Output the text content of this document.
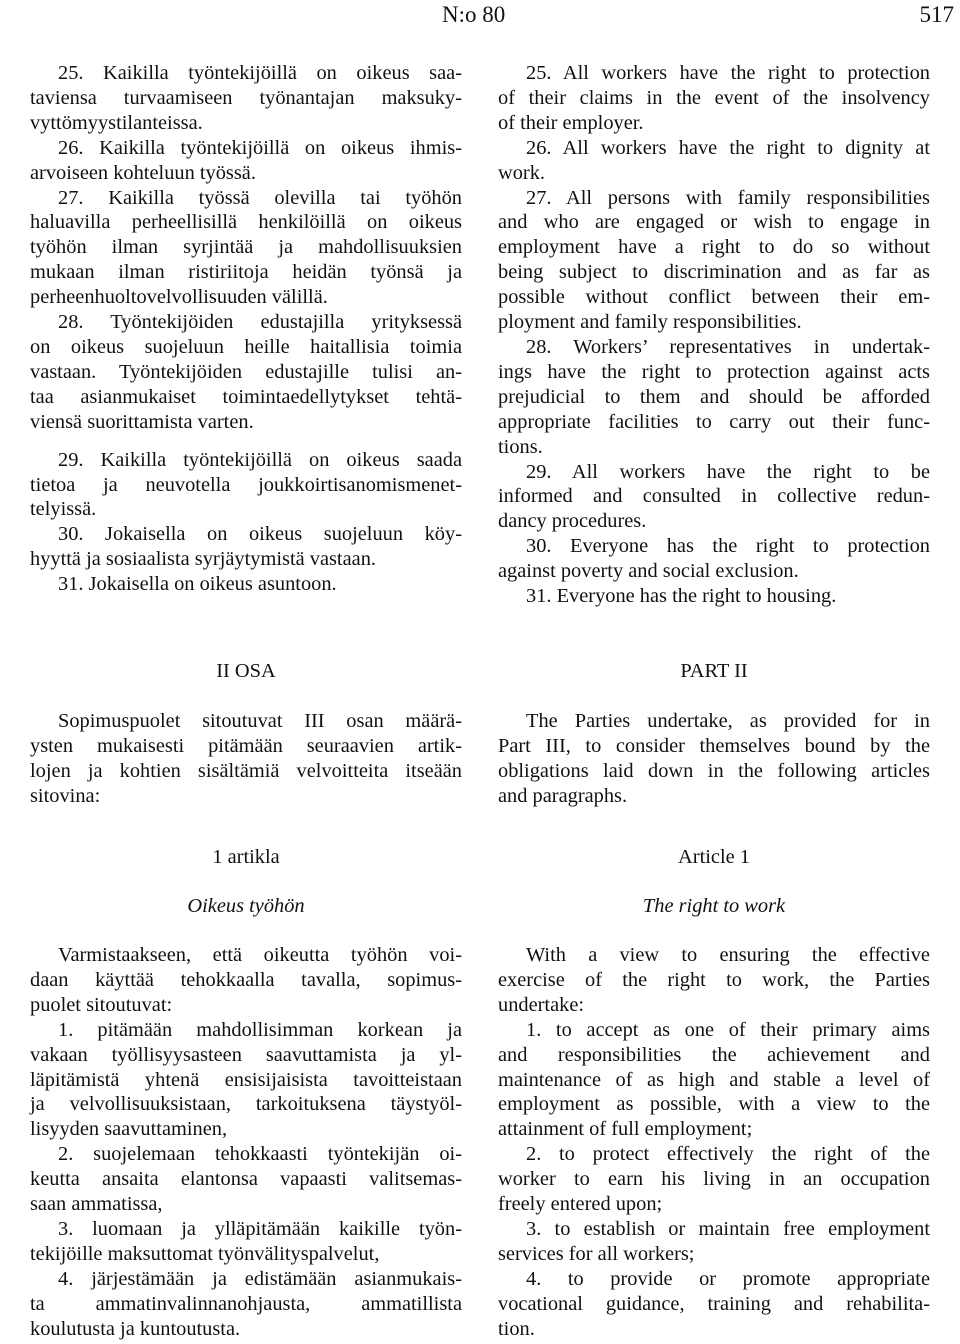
N:o 80	517

25. Kaikilla työntekijöillä on oikeus saa-
taviensa turvaamiseen työnantajan maksuky-
vyttömyystilanteissa.

26. Kaikilla työntekijöillä on oikeus ihmis-
arvoiseen kohteluun työssä.

27. Kaikilla työssä olevilla tai työhön
haluavilla perheellisillä henkilöillä on oikeus
työhön ilman syrjintää ja mahdollisuuksien
mukaan ilman ristiriitoja heidän työnsä ja
perheenhuoltovelvollisuuden välillä.

28. Työntekijöiden edustajilla yrityksessä
on oikeus suojeluun heille haitallisia toimia
vastaan. Työntekijöiden edustajille tulisi an-
taa asianmukaiset toimintaedellytykset tehtä-
viensä suorittamista varten.

29. Kaikilla työntekijöillä on oikeus saada
tietoa ja neuvotella joukkoirtisanomismenet-
telyissä.

30. Jokaisella on oikeus suojeluun köy-
hyyttä ja sosiaalista syrjäytymistä vastaan.

31. Jokaisella on oikeus asuntoon.

25. All workers have the right to protection
of their claims in the event of the insolvency
of their employer.

26. All workers have the right to dignity at
work.

27. All persons with family responsibilities
and who are engaged or wish to engage in
employment have a right to do so without
being subject to discrimination and as far as
possible without conflict between their em-
ployment and family responsibilities.

28. Workers’ representatives in undertak-
ings have the right to protection against acts
prejudicial to them and should be afforded
appropriate facilities to carry out their func-
tions.

29. All workers have the right to be
informed and consulted in collective redun-
dancy procedures.

30. Everyone has the right to protection
against poverty and social exclusion.

31. Everyone has the right to housing.

II OSA	PART II

Sopimuspuolet sitoutuvat III osan määrä-
ysten mukaisesti pitämään seuraavien artik-
lojen ja kohtien sisältämiä velvoitteita itseään
sitovina:

The Parties undertake, as provided for in
Part III, to consider themselves bound by the
obligations laid down in the following articles
and paragraphs.

1 artikla	Article 1
Oikeus työhön	The right to work

Varmistaakseen, että oikeutta työhön voi-
daan käyttää tehokkaalla tavalla, sopimus-
puolet sitoutuvat:

1. pitämään mahdollisimman korkean ja
vakaan työllisyysasteen saavuttamista ja yl-
läpitämistä yhtenä ensisijaisista tavoitteistaan
ja velvollisuuksistaan, tarkoituksena täystyöl-
lisyyden saavuttaminen,

2. suojelemaan tehokkaasti työntekijän oi-
keutta ansaita elantonsa vapaasti valitsemas-
saan ammatissa,

3. luomaan ja ylläpitämään kaikille työn-
tekijöille maksuttomat työnvälityspalvelut,

4. järjestämään ja edistämään asianmukais-
ta ammatinvalinnanohjausta, ammatillista
koulutusta ja kuntoutusta.

With a view to ensuring the effective
exercise of the right to work, the Parties
undertake:

1. to accept as one of their primary aims
and responsibilities the achievement and
maintenance of as high and stable a level of
employment as possible, with a view to the
attainment of full employment;

2. to protect effectively the right of the
worker to earn his living in an occupation
freely entered upon;

3. to establish or maintain free employment
services for all workers;

4. to provide or promote appropriate
vocational guidance, training and rehabilita-
tion.
